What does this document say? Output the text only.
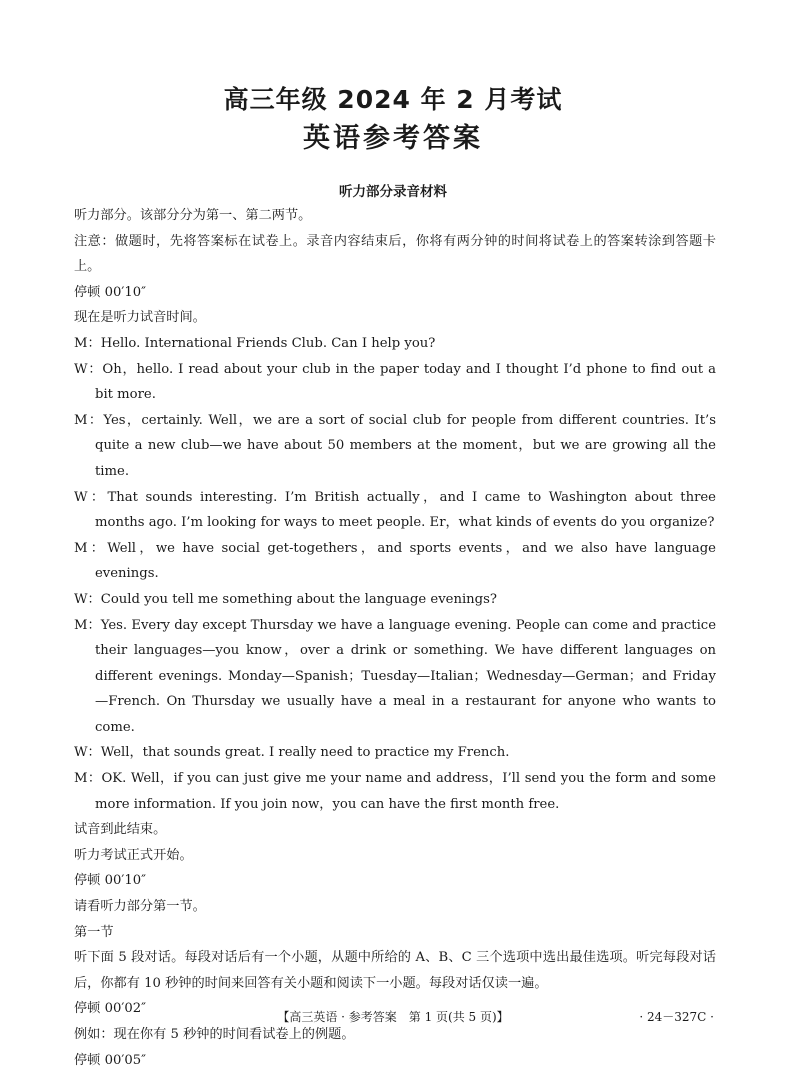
高三年级 2024 年 2 月考试
英语参考答案
听力部分录音材料

听力部分。该部分分为第一、第二两节。

注意：做题时，先将答案标在试卷上。录音内容结束后，你将有两分钟的时间将试卷上的答案转涂到答题卡上。

停顿 00′10″

现在是听力试音时间。

M：Hello. International Friends Club. Can I help you?

W：Oh，hello. I read about your club in the paper today and I thought I’d phone to find out a bit more.

M：Yes，certainly. Well，we are a sort of social club for people from different countries. It’s quite a new club—we have about 50 members at the moment，but we are growing all the time.

W：That sounds interesting. I’m British actually，and I came to Washington about three months ago. I’m looking for ways to meet people. Er，what kinds of events do you organize?

M：Well，we have social get-togethers，and sports events，and we also have language evenings.

W：Could you tell me something about the language evenings?

M：Yes. Every day except Thursday we have a language evening. People can come and practice their languages—you know，over a drink or something. We have different languages on different evenings. Monday—Spanish；Tuesday—Italian；Wednesday—German；and Friday—French. On Thursday we usually have a meal in a restaurant for anyone who wants to come.

W：Well，that sounds great. I really need to practice my French.

M：OK. Well，if you can just give me your name and address，I’ll send you the form and some more information. If you join now，you can have the first month free.

试音到此结束。

听力考试正式开始。

停顿 00′10″

请看听力部分第一节。

第一节

听下面 5 段对话。每段对话后有一个小题，从题中所给的 A、B、C 三个选项中选出最佳选项。听完每段对话后，你都有 10 秒钟的时间来回答有关小题和阅读下一小题。每段对话仅读一遍。

停顿 00′02″

例如：现在你有 5 秒钟的时间看试卷上的例题。

停顿 00′05″

【高三英语 · 参考答案　第 1 页(共 5 页)】	· 24－327C ·
